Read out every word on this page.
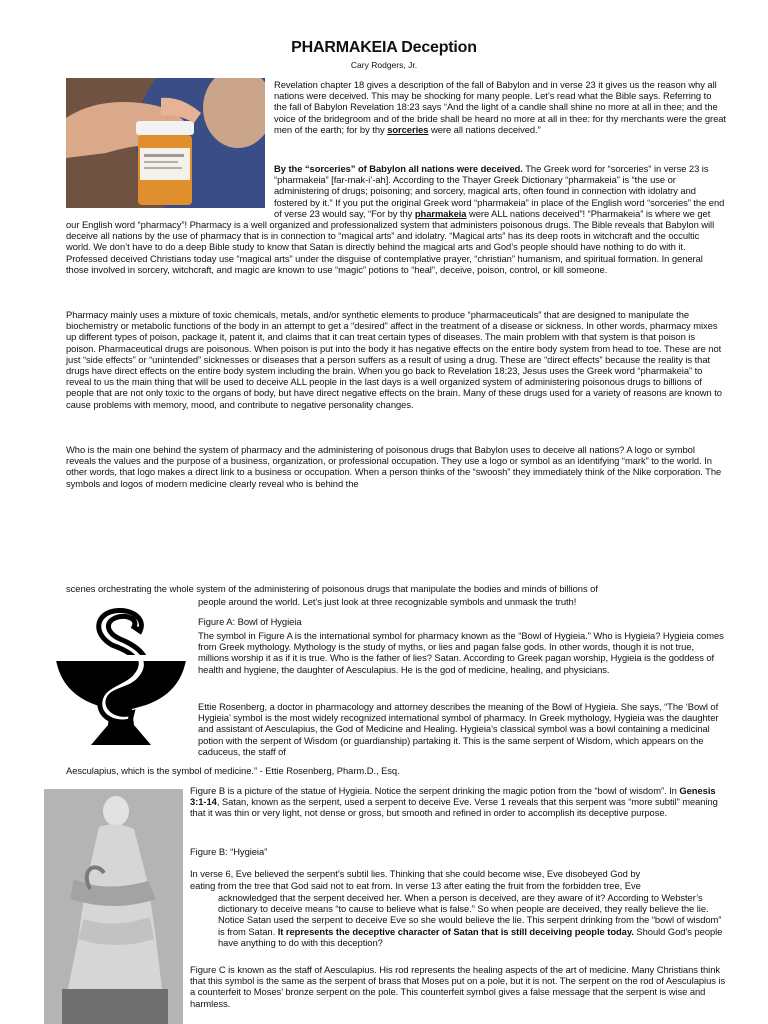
PHARMAKEIA Deception
Cary Rodgers, Jr.

Revelation chapter 18 gives a description of the fall of Babylon and in verse 23 it gives us the reason why all nations were deceived. This may be shocking for many people. Let’s read what the Bible says. Referring to the fall of Babylon Revelation 18:23 says “And the light of a candle shall shine no more at all in thee; and the voice of the bridegroom and of the bride shall be heard no more at all in thee: for thy merchants were the great men of the earth; for by thy sorceries were all nations deceived.”

By the “sorceries” of Babylon all nations were deceived. The Greek word for “sorceries” in verse 23 is “pharmakeia” [far-mak-i’-ah]. According to the Thayer Greek Dictionary “pharmakeia” is “the use or administering of drugs; poisoning; and sorcery, magical arts, often found in connection with idolatry and fostered by it.” If you put the original Greek word “pharmakeia” in place of the English word “sorceries” the end of verse 23 would say, “For by thy pharmakeia were ALL nations deceived”! “Pharmakeia” is where we get our English word “pharmacy”! Pharmacy is a well organized and professionalized system that administers poisonous drugs. The Bible reveals that Babylon will deceive all nations by the use of pharmacy that is in connection to “magical arts” and idolatry. “Magical arts” has its deep roots in witchcraft and the occultic world. We don’t have to do a deep Bible study to know that Satan is directly behind the magical arts and God’s people should have nothing to do with it. Professed deceived Christians today use “magical arts” under the disguise of contemplative prayer, “christian” humanism, and spiritual formation. In general those involved in sorcery, witchcraft, and magic are known to use “magic” potions to “heal”, deceive, poison, control, or kill someone.

Pharmacy mainly uses a mixture of toxic chemicals, metals, and/or synthetic elements to produce “pharmaceuticals” that are designed to manipulate the biochemistry or metabolic functions of the body in an attempt to get a “desired” affect in the treatment of a disease or sickness. In other words, pharmacy mixes up different types of poison, package it, patent it, and claims that it can treat certain types of diseases. The main problem with that system is that poison is poison. Pharmaceutical drugs are poisonous. When poison is put into the body it has negative effects on the entire body system from head to toe. These are not just “side effects” or “unintended” sicknesses or diseases that a person suffers as a result of using a drug. These are “direct effects” because the reality is that drugs have direct effects on the entire body system including the brain. When you go back to Revelation 18:23, Jesus uses the Greek word “pharmakeia” to reveal to us the main thing that will be used to deceive ALL people in the last days is a well organized system of administering poisonous drugs to billions of people that are not only toxic to the organs of body, but have direct negative effects on the brain. Many of these drugs used for a variety of reasons are known to cause problems with memory, mood, and contribute to negative personality changes.

Who is the main one behind the system of pharmacy and the administering of poisonous drugs that Babylon uses to deceive all nations? A logo or symbol reveals the values and the purpose of a business, organization, or professional occupation. They use a logo or symbol as an identifying “mark” to the world. In other words, that logo makes a direct link to a business or occupation. When a person thinks of the “swoosh” they immediately think of the Nike corporation. The symbols and logos of modern medicine clearly reveal who is behind the

scenes orchestrating the whole system of the administering of poisonous drugs that manipulate the bodies and minds of billions of
people around the world. Let’s just look at three recognizable symbols and unmask the truth!
Figure A: Bowl of Hygieia

The symbol in Figure A is the international symbol for pharmacy known as the “Bowl of Hygieia.” Who is Hygieia? Hygieia comes from Greek mythology. Mythology is the study of myths, or lies and pagan false gods. In other words, though it is not true, millions worship it as if it is true. Who is the father of lies? Satan. According to Greek pagan worship, Hygieia is the goddess of health and hygiene, the daughter of Aesculapius. He is the god of medicine, healing, and physicians.

Ettie Rosenberg, a doctor in pharmacology and attorney describes the meaning of the Bowl of Hygieia. She says, “The ‘Bowl of Hygieia’ symbol is the most widely recognized international symbol of pharmacy. In Greek mythology, Hygieia was the daughter and assistant of Aesculapius, the God of Medicine and Healing. Hygieia’s classical symbol was a bowl containing a medicinal potion with the serpent of Wisdom (or guardianship) partaking it. This is the same serpent of Wisdom, which appears on the caduceus, the staff of

Aesculapius, which is the symbol of medicine.” - Ettie Rosenberg, Pharm.D., Esq.

Figure B is a picture of the statue of Hygieia. Notice the serpent drinking the magic potion from the “bowl of wisdom”. In Genesis 3:1-14, Satan, known as the serpent, used a serpent to deceive Eve. Verse 1 reveals that this serpent was “more subtil” meaning that it was thin or very light, not dense or gross, but smooth and refined in order to accomplish its deceptive purpose.

Figure B: “Hygieia”
In verse 6, Eve believed the serpent’s subtil lies. Thinking that she could become wise, Eve disobeyed God by
eating from the tree that God said not to eat from. In verse 13 after eating the fruit from the forbidden tree, Eve

acknowledged that the serpent deceived her. When a person is deceived, are they aware of it? According to Webster’s dictionary to deceive means “to cause to believe what is false.” So when people are deceived, they really believe the lie. Notice Satan used the serpent to deceive Eve so she would believe the lie. This serpent drinking from the “bowl of wisdom” is from Satan. It represents the deceptive character of Satan that is still deceiving people today. Should God’s people have anything to do with this deception?

Figure C is known as the staff of Aesculapius. His rod represents the healing aspects of the art of medicine. Many Christians think that this symbol is the same as the serpent of brass that Moses put on a pole, but it is not. The serpent on the rod of Aesculapius is a counterfeit to Moses’ bronze serpent on the pole. This counterfeit symbol gives a false message that the serpent is wise and harmless.
